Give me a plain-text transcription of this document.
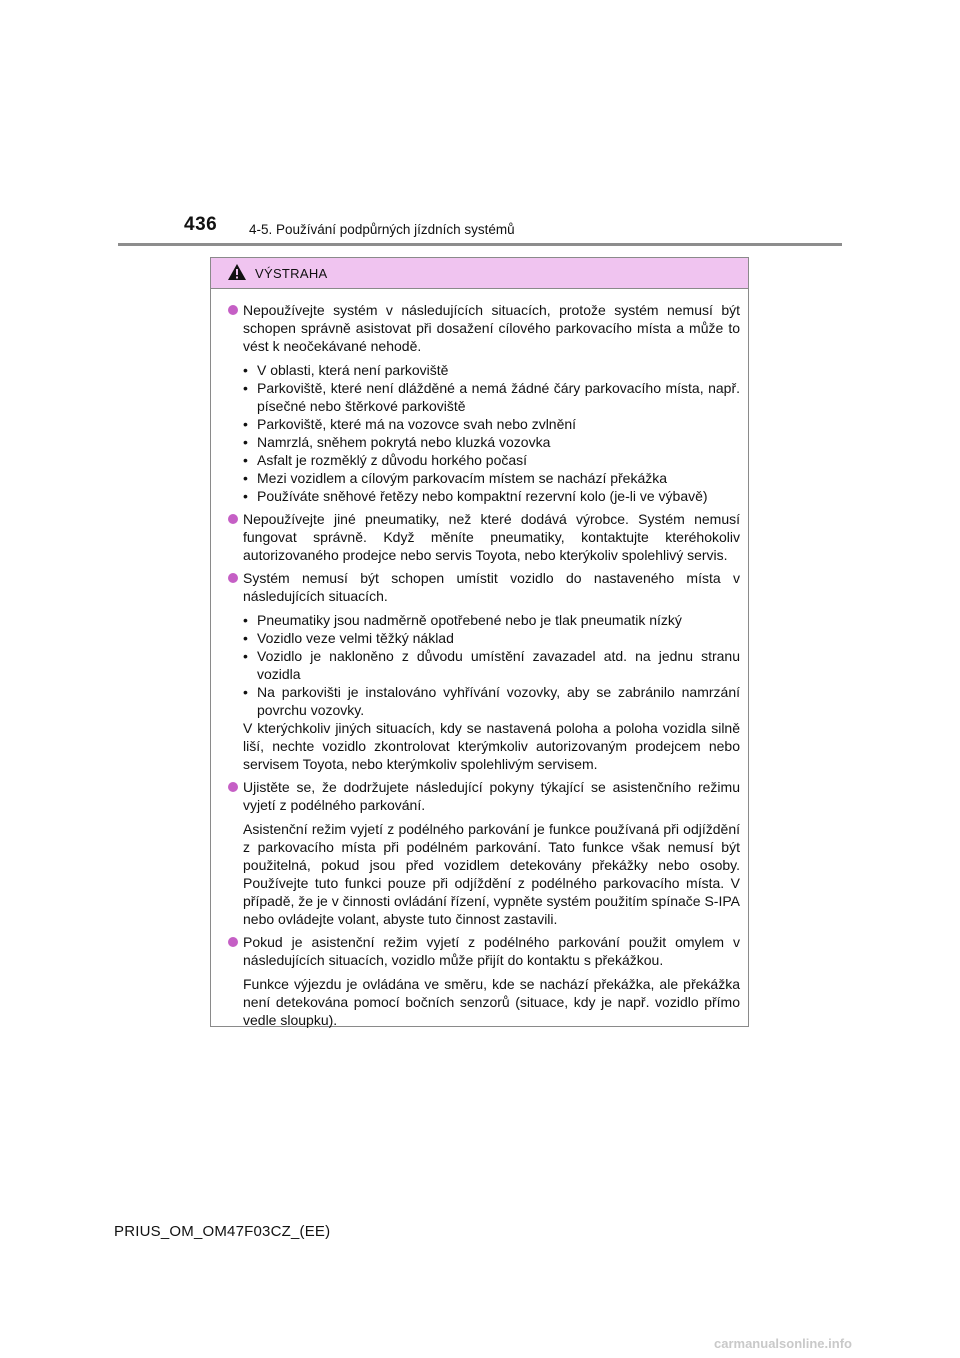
436 4-5. Používání podpůrných jízdních systémů
VÝSTRAHA
Nepoužívejte systém v následujících situacích, protože systém nemusí být schopen správně asistovat při dosažení cílového parkovacího místa a může to vést k neočekávané nehodě.
• V oblasti, která není parkoviště
• Parkoviště, které není dlážděné a nemá žádné čáry parkovacího místa, např. písečné nebo štěrkové parkoviště
• Parkoviště, které má na vozovce svah nebo zvlnění
• Namrzlá, sněhem pokrytá nebo kluzká vozovka
• Asfalt je rozměklý z důvodu horkého počasí
• Mezi vozidlem a cílovým parkovacím místem se nachází překážka
• Používáte sněhové řetězy nebo kompaktní rezervní kolo (je-li ve výbavě)
Nepoužívejte jiné pneumatiky, než které dodává výrobce. Systém nemusí fungovat správně. Když měníte pneumatiky, kontaktujte kteréhokoliv autorizovaného prodejce nebo servis Toyota, nebo kterýkoliv spolehlivý servis.
Systém nemusí být schopen umístit vozidlo do nastaveného místa v následujících situacích.
• Pneumatiky jsou nadměrně opotřebené nebo je tlak pneumatik nízký
• Vozidlo veze velmi těžký náklad
• Vozidlo je nakloněno z důvodu umístění zavazadel atd. na jednu stranu vozidla
• Na parkovišti je instalováno vyhřívání vozovky, aby se zabránilo namrzání povrchu vozovky.
V kterýchkoliv jiných situacích, kdy se nastavená poloha a poloha vozidla silně liší, nechte vozidlo zkontrolovat kterýmkoliv autorizovaným prodejcem nebo servisem Toyota, nebo kterýmkoliv spolehlivým servisem.
Ujistěte se, že dodržujete následující pokyny týkající se asistenčního režimu vyjetí z podélného parkování.
Asistenční režim vyjetí z podélného parkování je funkce používaná při odjíždění z parkovacího místa při podélném parkování. Tato funkce však nemusí být použitelná, pokud jsou před vozidlem detekovány překážky nebo osoby. Používejte tuto funkci pouze při odjíždění z podélného parkovacího místa. V případě, že je v činnosti ovládání řízení, vypněte systém použitím spínače S-IPA nebo ovládejte volant, abyste tuto činnost zastavili.
Pokud je asistenční režim vyjetí z podélného parkování použit omylem v následujících situacích, vozidlo může přijít do kontaktu s překážkou.
Funkce výjezdu je ovládána ve směru, kde se nachází překážka, ale překážka není detekována pomocí bočních senzorů (situace, kdy je např. vozidlo přímo vedle sloupku).
PRIUS_OM_OM47F03CZ_(EE)
carmanualsonline.info
